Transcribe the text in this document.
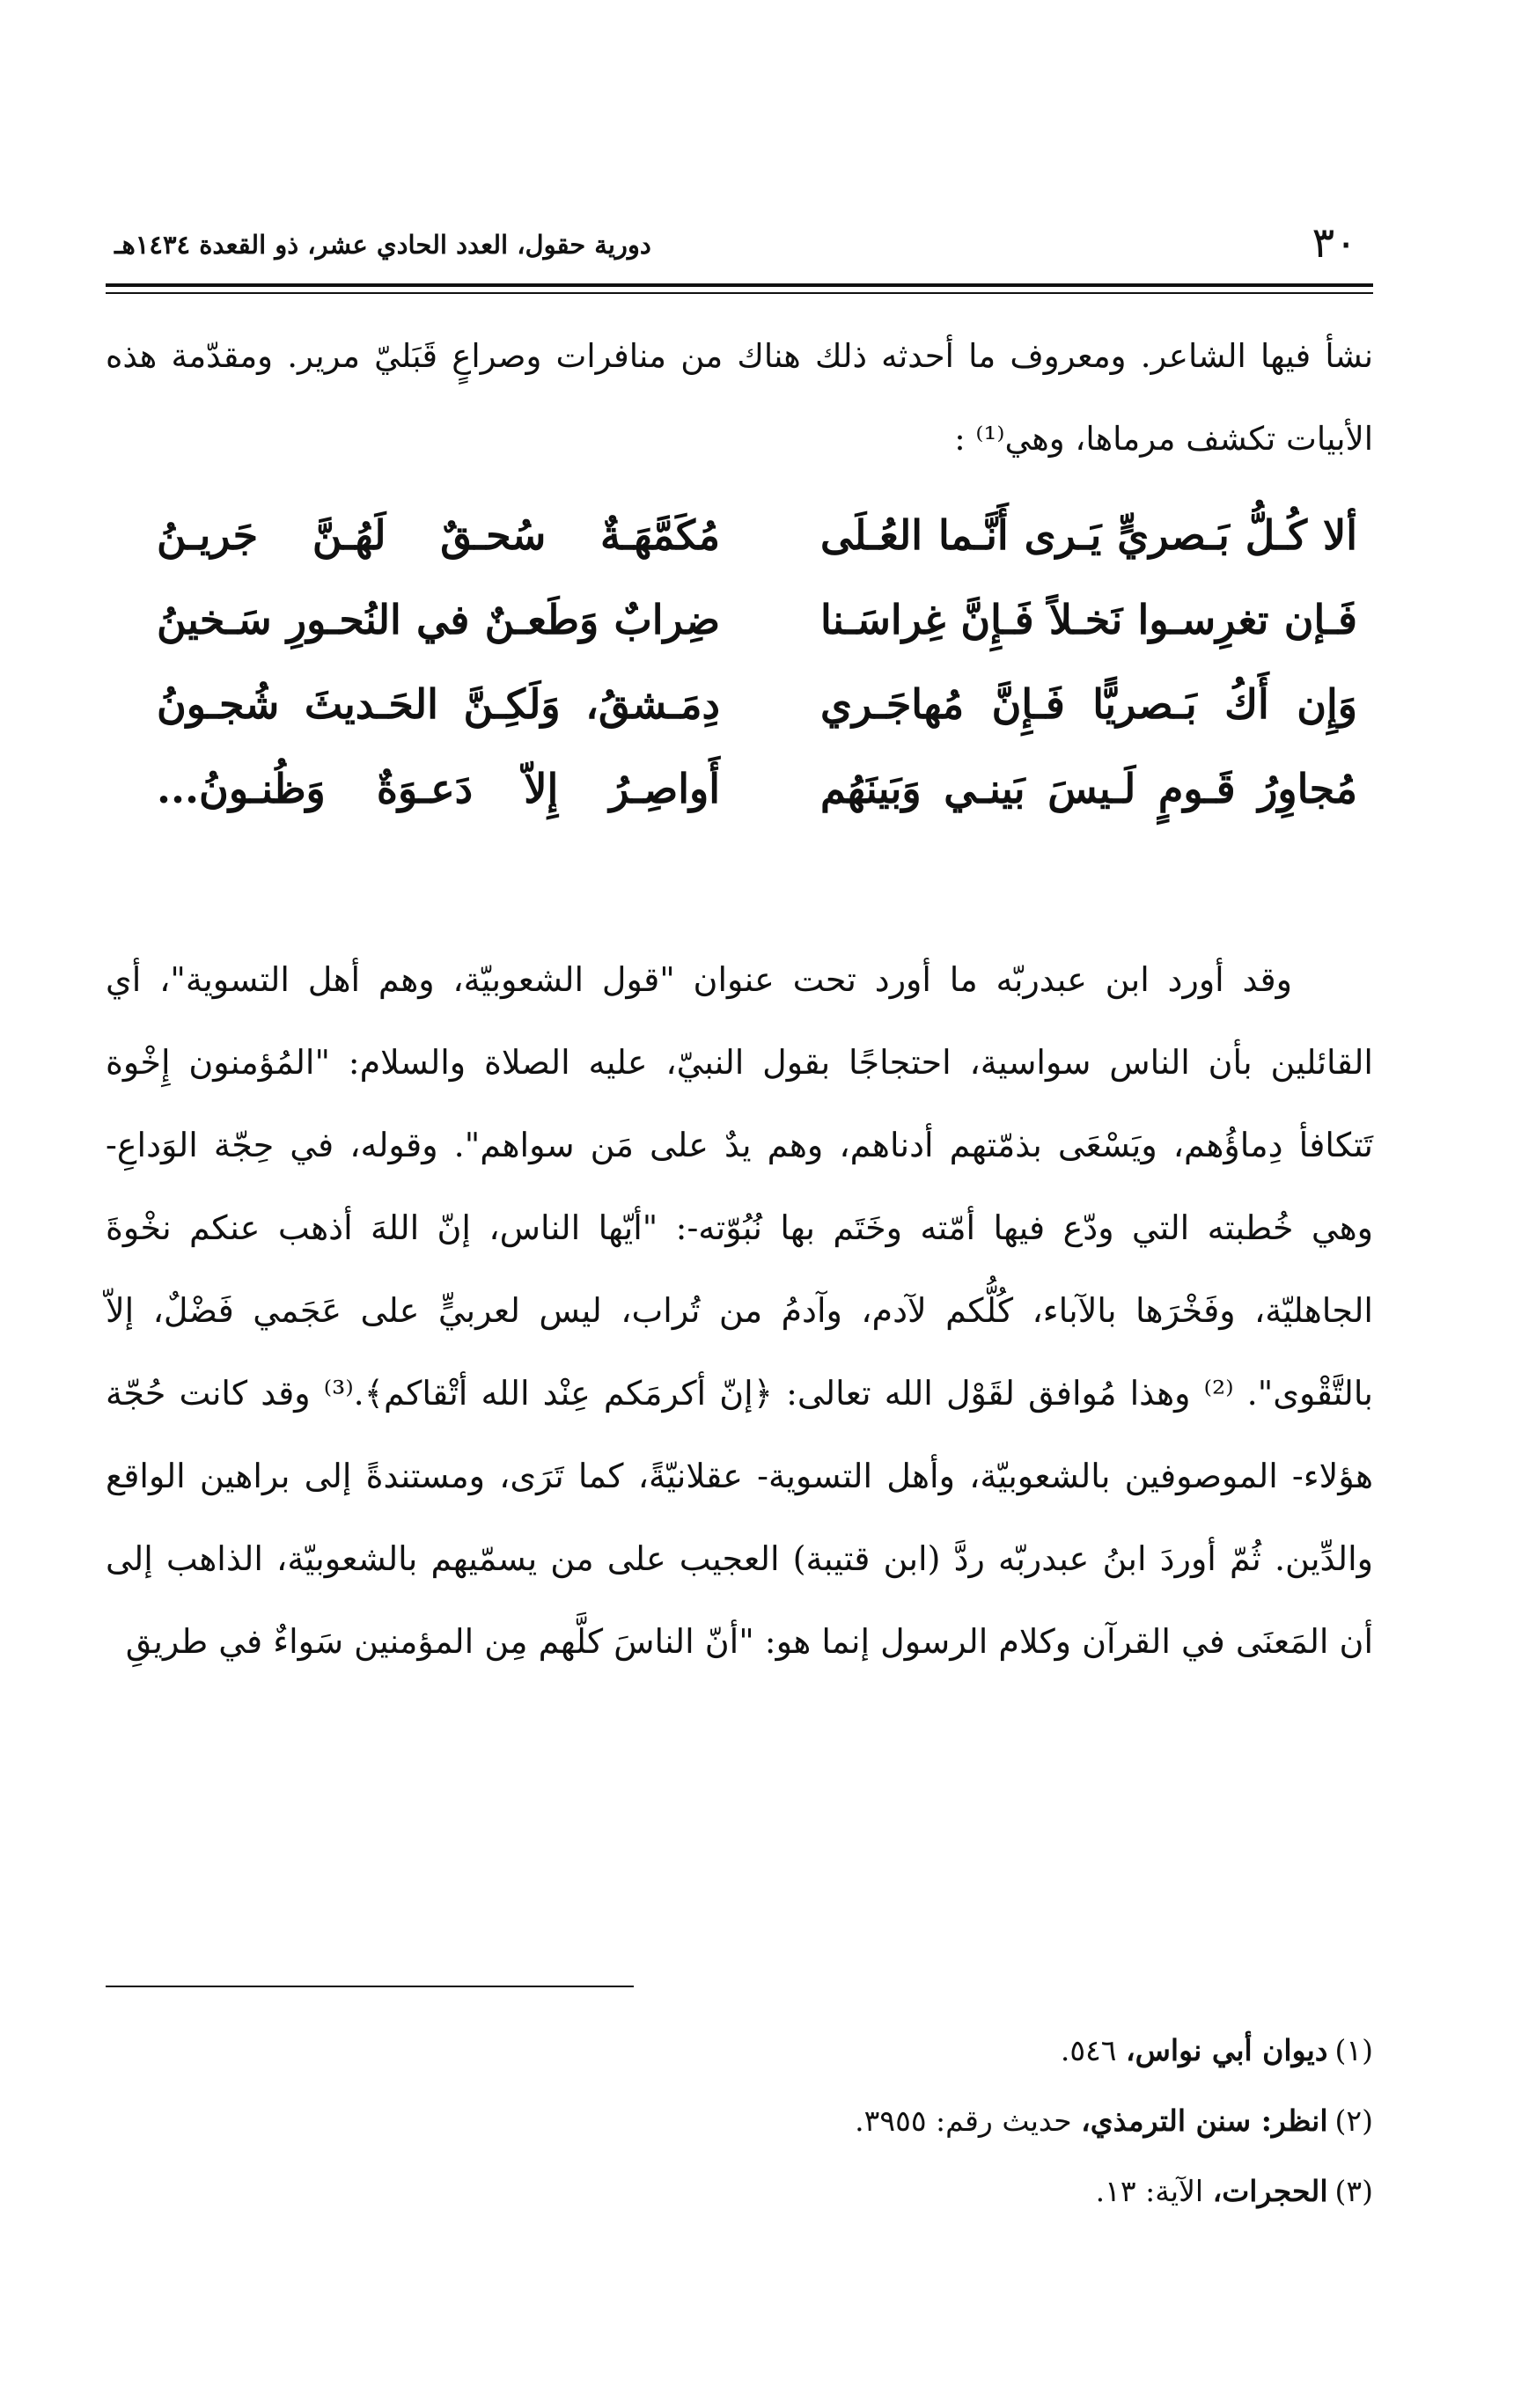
٣٠
دورية حقول، العدد الحادي عشر، ذو القعدة ١٤٣٤هـ

نشأ فيها الشاعر. ومعروف ما أحدثه ذلك هناك من منافرات وصراعٍ قَبَليّ مرير. ومقدّمة هذه الأبيات تكشف مرماها، وهي⁽¹⁾ :

ألا كُـلُّ بَـصريٍّ يَـرى أَنَّـما العُـلَى
مُكَمَّهَـةٌ سُحـقٌ لَهُـنَّ جَريـنُ
فَـإن تغرِسـوا نَخـلاً فَـإِنَّ غِراسَـنا
ضِرابٌ وَطَعـنٌ في النُحـورِ سَـخينُ
وَإِن أَكُ بَـصريًّا فَـإِنَّ مُهاجَـري
دِمَـشقُ، وَلَكِـنَّ الحَـديثَ شُجـونُ
مُجاوِرُ قَـومٍ لَـيسَ بَينـي وَبَينَهُم
أَواصِـرُ إِلاّ دَعـوَةٌ وَظُنـونُ...

وقد أورد ابن عبدربّه ما أورد تحت عنوان "قول الشعوبيّة، وهم أهل التسوية"، أي القائلين بأن الناس سواسية، احتجاجًا بقول النبيّ، عليه الصلاة والسلام: "المُؤمنون إِخْوة تَتكافأ دِماؤُهم، ويَسْعَى بذمّتهم أدناهم، وهم يدٌ على مَن سواهم". وقوله، في حِجّة الوَداعِ- وهي خُطبته التي ودّع فيها أمّته وخَتَم بها نُبُوّته-: "أيّها الناس، إنّ اللهَ أذهب عنكم نخْوةَ الجاهليّة، وفَخْرَها بالآباء، كُلُّكم لآدم، وآدمُ من تُراب، ليس لعربيٍّ على عَجَمي فَضْلٌ، إلاّ بالتَّقْوى". ⁽²⁾ وهذا مُوافق لقَوْل الله تعالى: ﴿إنّ أكرمَكم عِنْد الله أتْقاكم﴾.⁽³⁾ وقد كانت حُجّة هؤلاء- الموصوفين بالشعوبيّة، وأهل التسوية- عقلانيّةً، كما تَرَى، ومستندةً إلى براهين الواقع والدِّين. ثُمّ أوردَ ابنُ عبدربّه ردَّ (ابن قتيبة) العجيب على من يسمّيهم بالشعوبيّة، الذاهب إلى أن المَعنَى في القرآن وكلام الرسول إنما هو: "أنّ الناسَ كلَّهم مِن المؤمنين سَواءٌ في طريقِ

(١)ديوان أبي نواس، ٥٤٦.

(٢)انظر: سنن الترمذي، حديث رقم: ٣٩٥٥.

(٣)الحجرات، الآية: ١٣.
